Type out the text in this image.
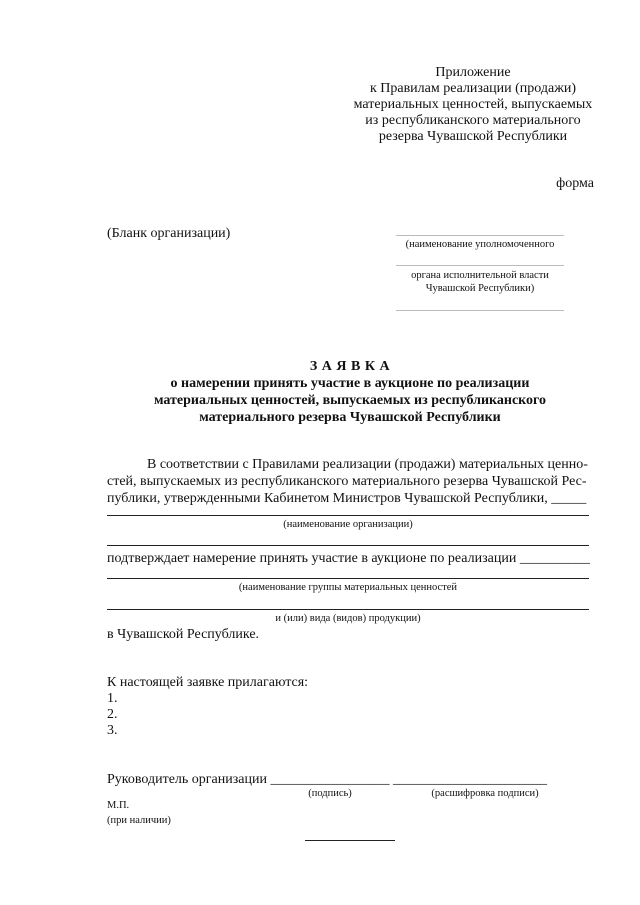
Приложение
к Правилам реализации (продажи)
материальных ценностей, выпускаемых
из республиканского материального
резерва Чувашской Республики
форма
(Бланк организации)
(наименование уполномоченного
органа исполнительной власти
Чувашской Республики)
З А Я В К А
о намерении принять участие в аукционе по реализации
материальных ценностей, выпускаемых из республиканского
материального резерва Чувашской Республики
В соответствии с Правилами реализации (продажи) материальных ценно-
стей, выпускаемых из республиканского материального резерва Чувашской Рес-
публики, утвержденными Кабинетом Министров Чувашской Республики, _____
(наименование организации)
подтверждает намерение принять участие в аукционе по реализации __________
(наименование группы материальных ценностей
и (или) вида (видов) продукции)
в Чувашской Республике.
К настоящей заявке прилагаются:
1.
2.
3.
Руководитель организации _________________ ______________________
(подпись)	(расшифровка подписи)
М.П.
(при наличии)
